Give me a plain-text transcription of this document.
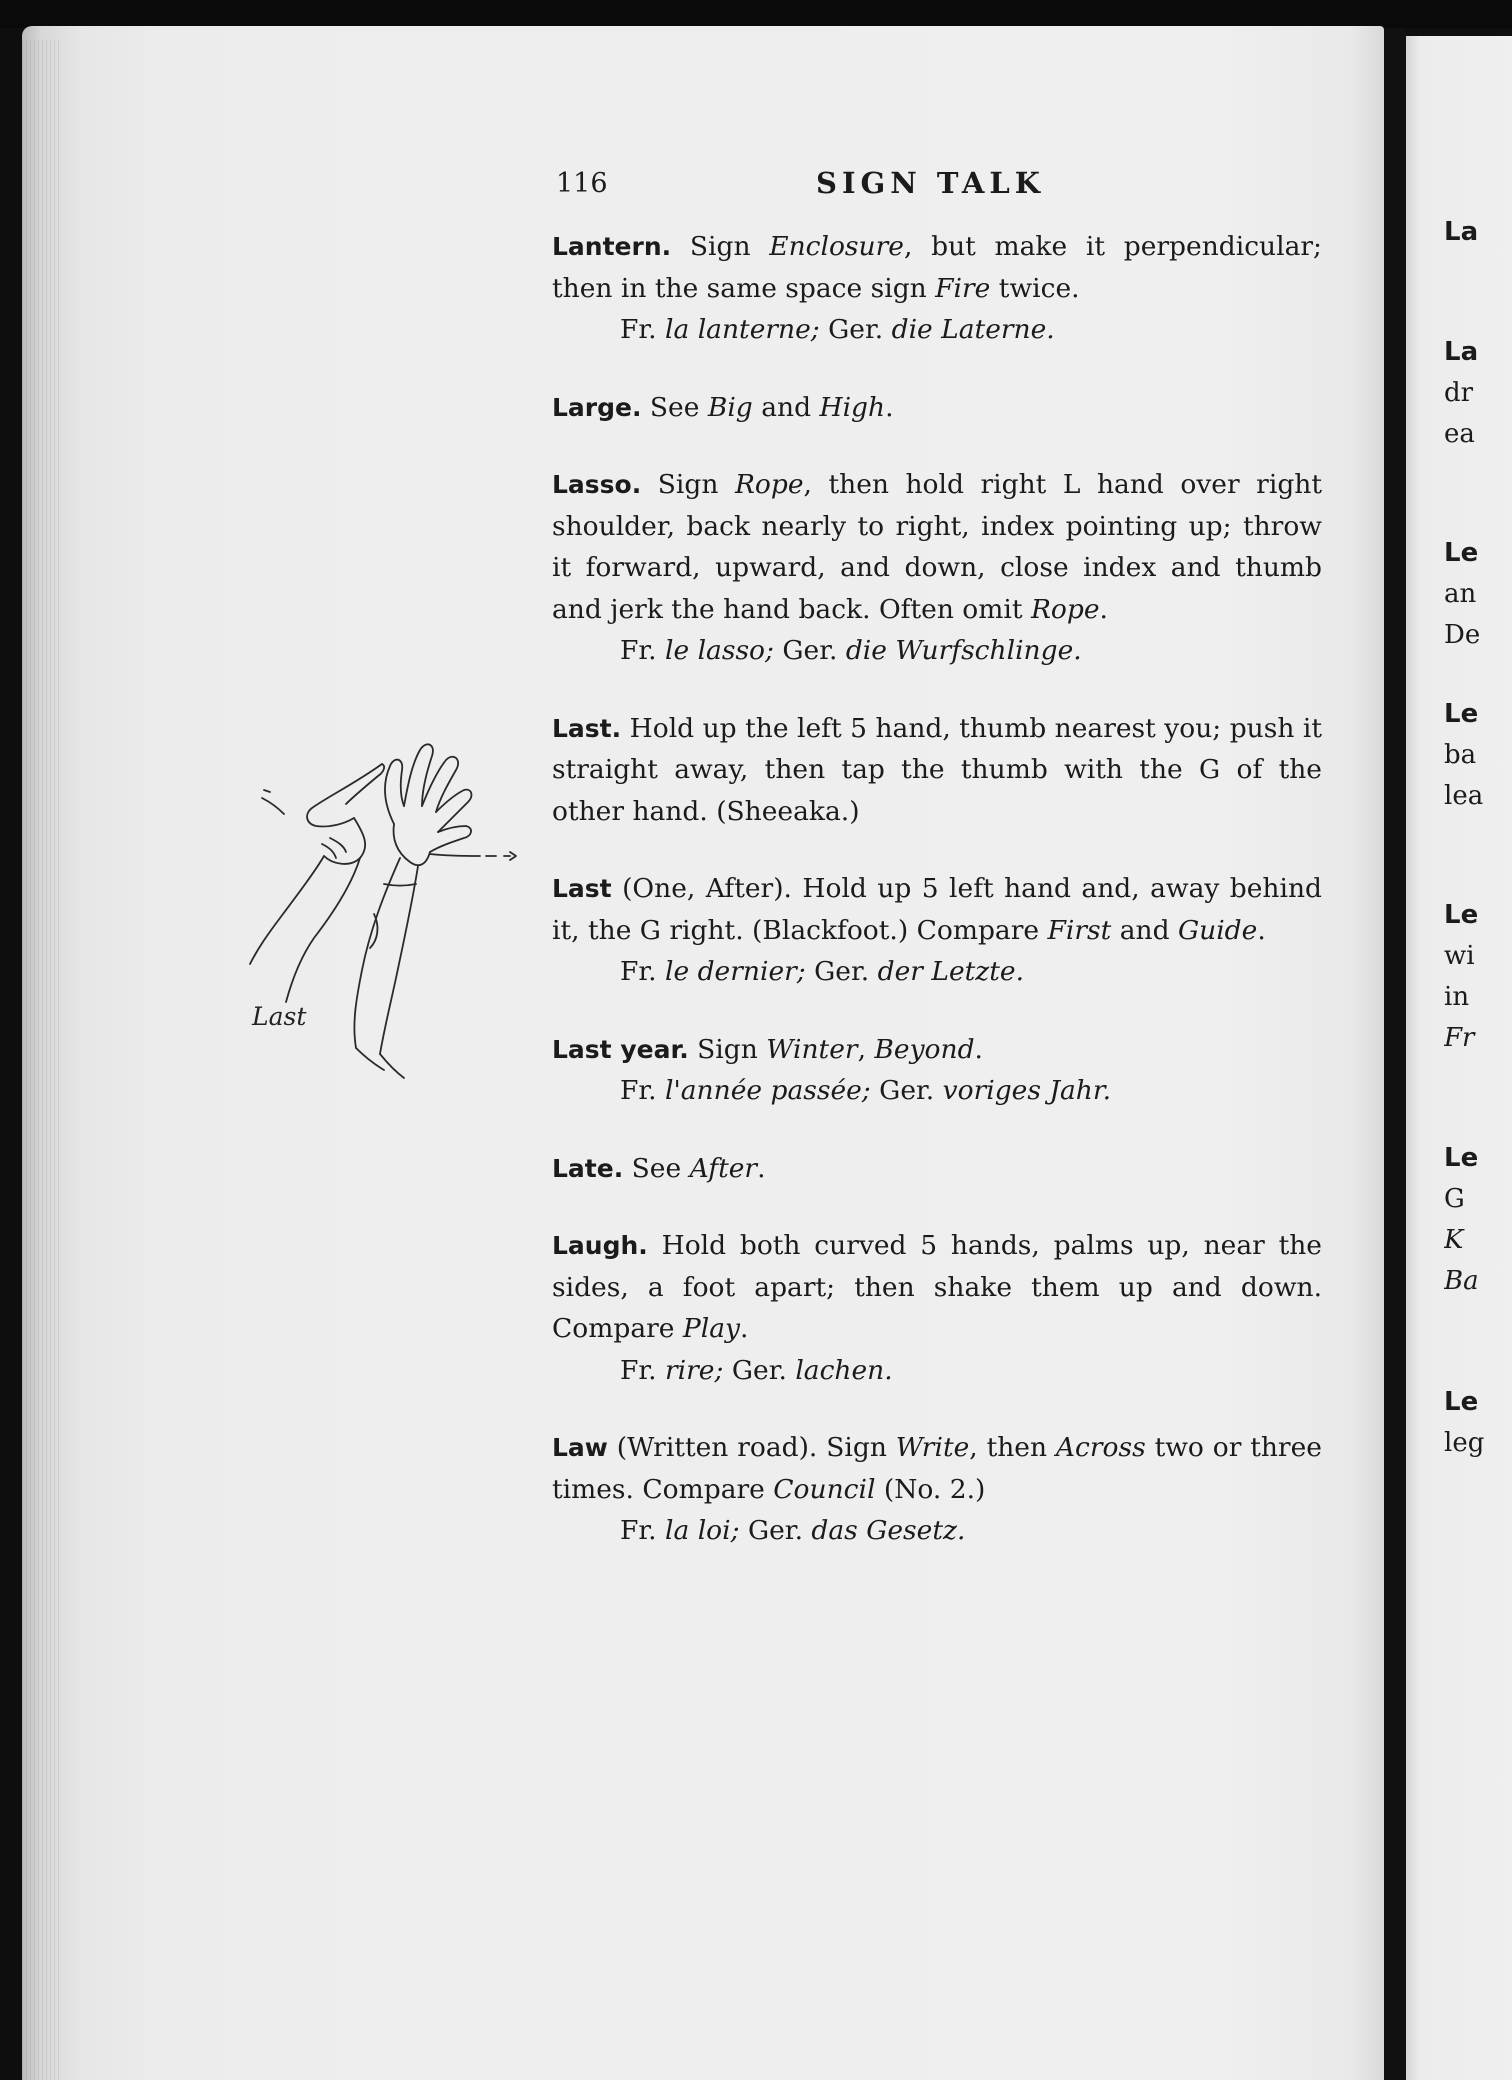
116	SIGN TALK
Last

Lantern. Sign Enclosure, but make it perpendicular; then in the same space sign Fire twice.

Fr. la lanterne; Ger. die Laterne.

Large. See Big and High.

Lasso. Sign Rope, then hold right L hand over right shoulder, back nearly to right, index pointing up; throw it forward, upward, and down, close index and thumb and jerk the hand back. Often omit Rope.

Fr. le lasso; Ger. die Wurfschlinge.

Last. Hold up the left 5 hand, thumb nearest you; push it straight away, then tap the thumb with the G of the other hand. (Sheeaka.)

Last (One, After). Hold up 5 left hand and, away behind it, the G right. (Blackfoot.) Compare First and Guide.

Fr. le dernier; Ger. der Letzte.

Last year. Sign Winter, Beyond.

Fr. l'année passée; Ger. voriges Jahr.

Late. See After.

Laugh. Hold both curved 5 hands, palms up, near the sides, a foot apart; then shake them up and down. Compare Play.

Fr. rire; Ger. lachen.

Law (Written road). Sign Write, then Across two or three times. Compare Council (No. 2.)

Fr. la loi; Ger. das Gesetz.

La
La
dr
ea
Le
an
De
Le
ba
lea
Le
wi
in
Fr
Le
G
K
Ba
Le
leg
